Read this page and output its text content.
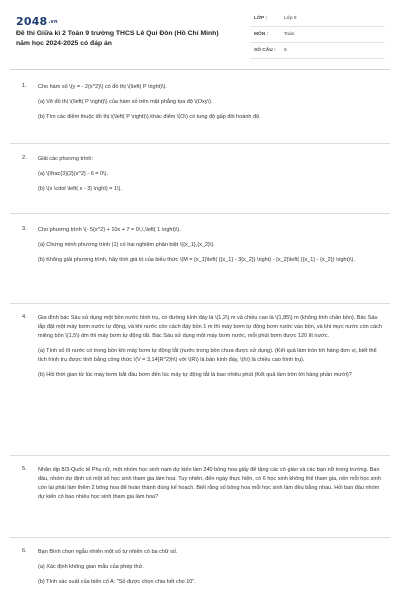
2048.vn
Đề thi Giữa kì 2 Toán 9 trường THCS Lê Quí Đôn (Hồ Chí Minh) năm học 2024-2025 có đáp án
LỚP :	Lớp 9
MÔN :	Toán
SỐ CÂU : 6
1. Cho hàm số \(y = - 2{x^2}\) có đồ thị \(\left( P \right)\).

(a) Vẽ đồ thị \(\left( P \right)\) của hàm số trên mặt phẳng tọa độ \(Oxy\).

(b) Tìm các điểm thuộc đồ thị \(\left( P \right)\) khác điểm \(O\) có tung độ gấp đôi hoành độ.

2. Giải các phương trình:

(a) \(\frac{3}{2}{x^2} - 6 = 0\).

(b) \(x \cdot \left( x - 3) \right) = 1\).

3. Cho phương trình \(- 5{x^2} + 10x + 7 = 0\,\,\left( 1 \right)\).

(a) Chứng minh phương trình (1) có hai nghiệm phân biệt \({x_1},{x_2}\).

(b) Không giải phương trình, hãy tính giá trị của biểu thức \(M = {x_1}\left( {{x_1} - 3{x_2}} \right) - {x_2}\left( {{x_1} - {x_2}} \right)\).

4. Gia đình bác Sáu sử dụng một bồn nước hình trụ, có đường kính đáy là \(1,2\) m và chiều cao là \(1,85\) m (không tính chân bồn). Bác Sáu lắp đặt một máy bơm nước tự động, và khi nước còn cách đáy bồn 1 m thì máy bơm tự động bơm nước vào bồn, và khi mực nước còn cách miệng bồn \(1,5\) dm thì máy bơm tự động tắt. Bác Sáu sử dụng một máy bơm nước, mỗi phút bơm được 120 lít nước.

(a) Tính số lít nước có trong bồn khi máy bơm tự động tắt (nước trong bồn chưa được sử dụng). (Kết quả làm tròn tới hàng đơn vị, biết thể tích hình trụ được tính bằng công thức \(V = 3,14{R^2}h\) với \(R\) là bán kính đáy, \(h\) là chiều cao hình trụ).

(b) Hỏi thời gian từ lúc máy bơm bắt đầu bơm đến lúc máy tự động tắt là bao nhiêu phút (Kết quả làm tròn tới hàng phần mười)?

5. Nhân dịp 8/3-Quốc tế Phụ nữ, một nhóm học sinh nam dự kiến làm 240 bông hoa giấy để tặng các cô giáo và các bạn nữ trong trường. Ban đầu, nhóm dự định có một số học sinh tham gia làm hoa. Tuy nhiên, đến ngày thực hiện, có 6 học sinh không thể tham gia, nên mỗi học sinh còn lại phải làm thêm 2 bông hoa để hoàn thành đúng kế hoạch. Biết rằng số bông hoa mỗi học sinh làm đều bằng nhau. Hỏi ban đầu nhóm dự kiến có bao nhiêu học sinh tham gia làm hoa?

6. Bạn Bình chọn ngẫu nhiên một số tự nhiên có ba chữ số.

(a) Xác định không gian mẫu của phép thử.

(b) Tính xác suất của biến cố A: "Số được chọn chia hết cho 10".
